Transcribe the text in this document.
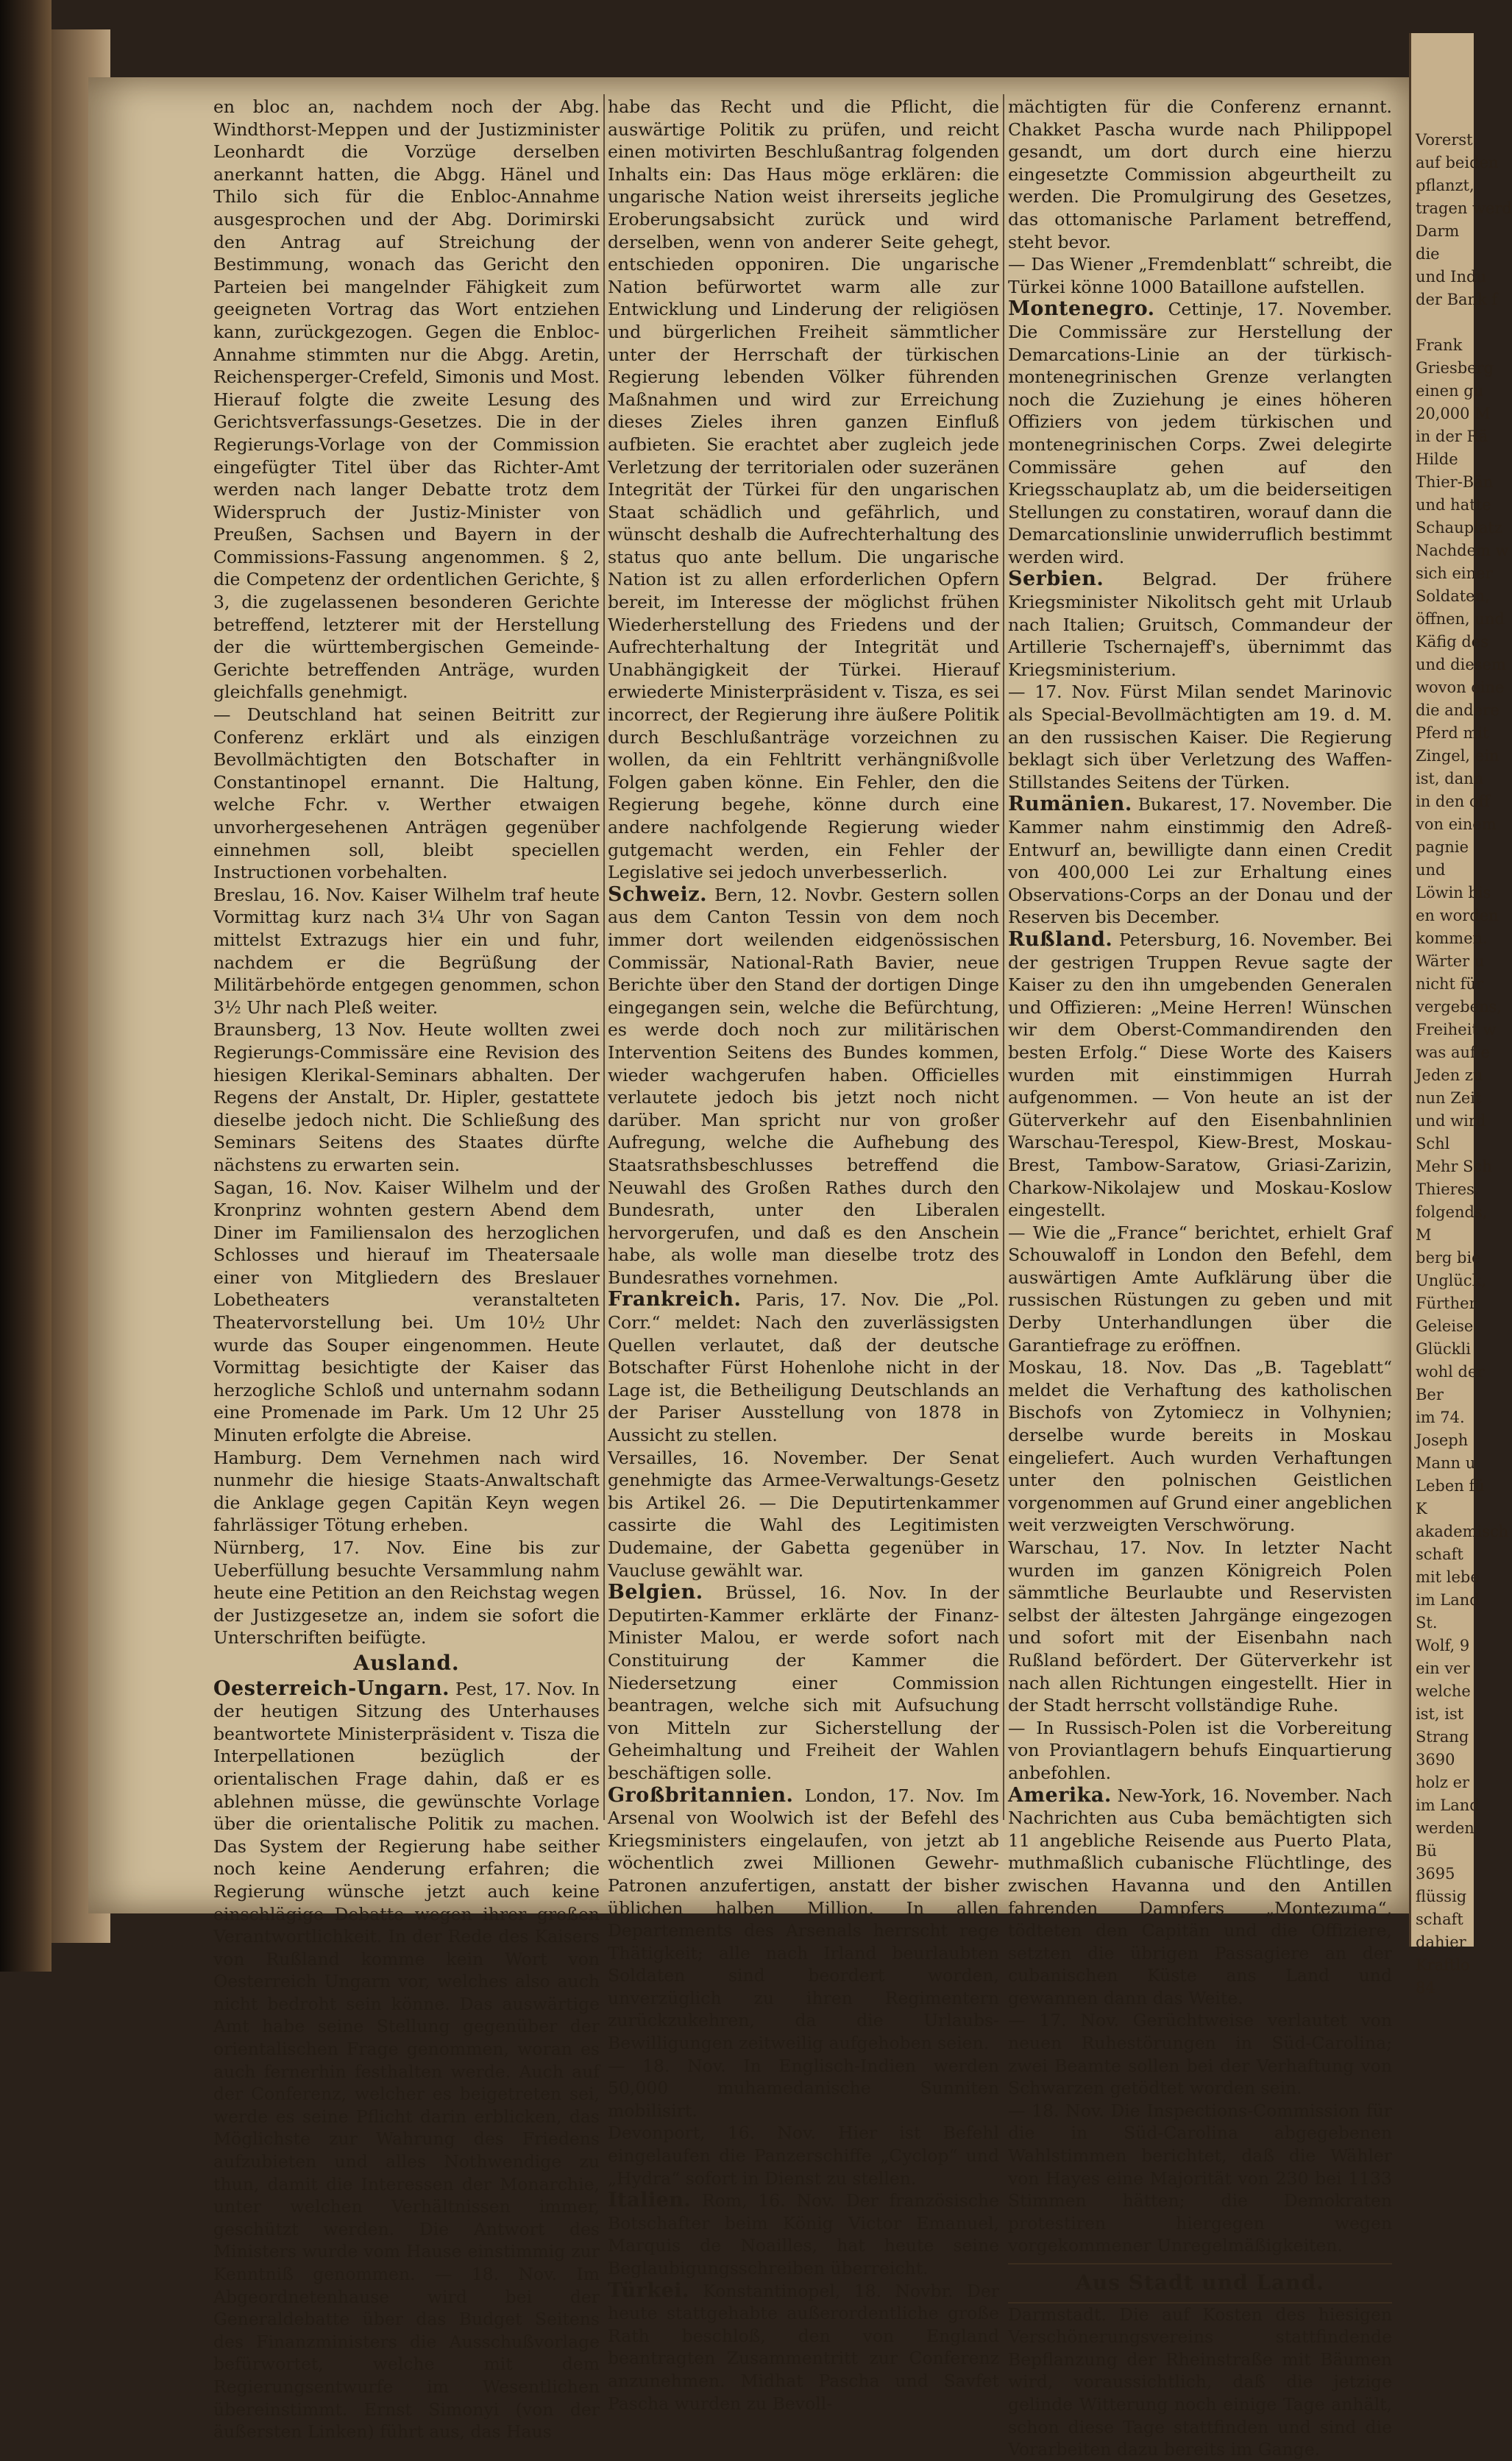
Vorerst
auf beiden
pflanzt,
tragen werd
Darm
die
und Indu
der Bank f

Frank
Griesberg
einen gu
20,000 M
in der Rä
Hilde
Thier-Bän
und hatte
Schauplatz
Nachdem w
sich einer
Soldaten,
öffnen, und
Käfig des
und diesem
wovon eine
die andere
Pferd mit
Zingel, ein
ist, dann
in den off
von einem
pagnie
und
Löwin bis
en worden
kommen.
Wärter u
nicht für
vergebens,
Freiheit w
was auf e
Jeden zu
nun Zeit
und wird
Schl
Mehr Sch
Thieres,
folgends,
M
berg bie
Unglück,
Fürther
Geleise
Glückli
wohl der
Ber
im 74.
Joseph
Mann u
Leben fü
K
akademisch
schaft
mit lebe
im Land
St.
Wolf, 9
ein ver
welche
ist, ist
Strang
3690
holz er
im Land
werden
Bü
3695
flüssig
schaft
dahier
Kraftlo
84

en bloc an, nachdem noch der Abg. Windthorst-Meppen und der Justizminister Leonhardt die Vorzüge derselben anerkannt hatten, die Abgg. Hänel und Thilo sich für die Enbloc-Annahme ausgesprochen und der Abg. Dorimirski den Antrag auf Streichung der Bestimmung, wonach das Gericht den Parteien bei mangelnder Fähigkeit zum geeigneten Vortrag das Wort entziehen kann, zurückgezogen. Gegen die Enbloc-Annahme stimmten nur die Abgg. Aretin, Reichensperger-Crefeld, Simonis und Most. Hierauf folgte die zweite Lesung des Gerichtsverfassungs-Gesetzes. Die in der Regierungs-Vorlage von der Commission eingefügter Titel über das Richter-Amt werden nach langer Debatte trotz dem Widerspruch der Justiz-Minister von Preußen, Sachsen und Bayern in der Commissions-Fassung angenommen. § 2, die Competenz der ordentlichen Gerichte, § 3, die zugelassenen besonderen Gerichte betreffend, letzterer mit der Herstellung der die württembergischen Gemeinde-Gerichte betreffenden Anträge, wurden gleichfalls genehmigt.

— Deutschland hat seinen Beitritt zur Conferenz erklärt und als einzigen Bevollmächtigten den Botschafter in Constantinopel ernannt. Die Haltung, welche Fchr. v. Werther etwaigen unvorhergesehenen Anträgen gegenüber einnehmen soll, bleibt speciellen Instructionen vorbehalten.

Breslau, 16. Nov. Kaiser Wilhelm traf heute Vormittag kurz nach 3¼ Uhr von Sagan mittelst Extrazugs hier ein und fuhr, nachdem er die Begrüßung der Militärbehörde entgegen genommen, schon 3½ Uhr nach Pleß weiter.

Braunsberg, 13 Nov. Heute wollten zwei Regierungs-Commissäre eine Revision des hiesigen Klerikal-Seminars abhalten. Der Regens der Anstalt, Dr. Hipler, gestattete dieselbe jedoch nicht. Die Schließung des Seminars Seitens des Staates dürfte nächstens zu erwarten sein.

Sagan, 16. Nov. Kaiser Wilhelm und der Kronprinz wohnten gestern Abend dem Diner im Familiensalon des herzoglichen Schlosses und hierauf im Theatersaale einer von Mitgliedern des Breslauer Lobetheaters veranstalteten Theatervorstellung bei. Um 10½ Uhr wurde das Souper eingenommen. Heute Vormittag besichtigte der Kaiser das herzogliche Schloß und unternahm sodann eine Promenade im Park. Um 12 Uhr 25 Minuten erfolgte die Abreise.

Hamburg. Dem Vernehmen nach wird nunmehr die hiesige Staats-Anwaltschaft die Anklage gegen Capitän Keyn wegen fahrlässiger Tötung erheben.

Nürnberg, 17. Nov. Eine bis zur Ueberfüllung besuchte Versammlung nahm heute eine Petition an den Reichstag wegen der Justizgesetze an, indem sie sofort die Unterschriften beifügte.

Ausland.

Oesterreich-Ungarn. Pest, 17. Nov. In der heutigen Sitzung des Unterhauses beantwortete Ministerpräsident v. Tisza die Interpellationen bezüglich der orientalischen Frage dahin, daß er es ablehnen müsse, die gewünschte Vorlage über die orientalische Politik zu machen. Das System der Regierung habe seither noch keine Aenderung erfahren; die Regierung wünsche jetzt auch keine einschlägige Debatte wegen ihrer großen Verantwortlichkeit. In der Rede des Kaisers von Rußland komme kein Wort von Oesterreich Ungarn vor, welches also auch nicht bedroht sein könne. Das auswärtige Amt habe seine Stellung gegenüber der orientalischen Frage genommen, woran es auch fernerhin festhalten werde. Auch auf der Conferenz, welcher es beigetreten sei, werde es seine Pflicht darin erblicken, das Möglichste zur Wahrung des Friedens aufzubieten und alles Nothwendige zu thun, damit die Interessen der Monarchie, unter welchen Verhältnissen immer, geschützt werden. Die Antwort des Ministers wurde vom Hause einstimmig zur Kenntniß genommen. — 18. Nov. Im Abgeordnetenhause wird bei der Generaldebatte über das Budget Seitens des Finanzministers die Ausschußvorlage befürwortet, welche mit dem Regierungsentwurfe im Wesentlichen übereinstimmt. Ernst Simonyi (von der äußersten Linken) führt aus, das Haus

habe das Recht und die Pflicht, die auswärtige Politik zu prüfen, und reicht einen motivirten Beschlußantrag folgenden Inhalts ein: Das Haus möge erklären: die ungarische Nation weist ihrerseits jegliche Eroberungsabsicht zurück und wird derselben, wenn von anderer Seite gehegt, entschieden opponiren. Die ungarische Nation befürwortet warm alle zur Entwicklung und Linderung der religiösen und bürgerlichen Freiheit sämmtlicher unter der Herrschaft der türkischen Regierung lebenden Völker führenden Maßnahmen und wird zur Erreichung dieses Zieles ihren ganzen Einfluß aufbieten. Sie erachtet aber zugleich jede Verletzung der territorialen oder suzeränen Integrität der Türkei für den ungarischen Staat schädlich und gefährlich, und wünscht deshalb die Aufrechterhaltung des status quo ante bellum. Die ungarische Nation ist zu allen erforderlichen Opfern bereit, im Interesse der möglichst frühen Wiederherstellung des Friedens und der Aufrechterhaltung der Integrität und Unabhängigkeit der Türkei. Hierauf erwiederte Ministerpräsident v. Tisza, es sei incorrect, der Regierung ihre äußere Politik durch Beschlußanträge vorzeichnen zu wollen, da ein Fehltritt verhängnißvolle Folgen gaben könne. Ein Fehler, den die Regierung begehe, könne durch eine andere nachfolgende Regierung wieder gutgemacht werden, ein Fehler der Legislative sei jedoch unverbesserlich.

Schweiz. Bern, 12. Novbr. Gestern sollen aus dem Canton Tessin von dem noch immer dort weilenden eidgenössischen Commissär, National-Rath Bavier, neue Berichte über den Stand der dortigen Dinge eingegangen sein, welche die Befürchtung, es werde doch noch zur militärischen Intervention Seitens des Bundes kommen, wieder wachgerufen haben. Officielles verlautete jedoch bis jetzt noch nicht darüber. Man spricht nur von großer Aufregung, welche die Aufhebung des Staatsrathsbeschlusses betreffend die Neuwahl des Großen Rathes durch den Bundesrath, unter den Liberalen hervorgerufen, und daß es den Anschein habe, als wolle man dieselbe trotz des Bundesrathes vornehmen.

Frankreich. Paris, 17. Nov. Die „Pol. Corr.“ meldet: Nach den zuverlässigsten Quellen verlautet, daß der deutsche Botschafter Fürst Hohenlohe nicht in der Lage ist, die Betheiligung Deutschlands an der Pariser Ausstellung von 1878 in Aussicht zu stellen.

Versailles, 16. November. Der Senat genehmigte das Armee-Verwaltungs-Gesetz bis Artikel 26. — Die Deputirtenkammer cassirte die Wahl des Legitimisten Dudemaine, der Gabetta gegenüber in Vaucluse gewählt war.

Belgien. Brüssel, 16. Nov. In der Deputirten-Kammer erklärte der Finanz-Minister Malou, er werde sofort nach Constituirung der Kammer die Niedersetzung einer Commission beantragen, welche sich mit Aufsuchung von Mitteln zur Sicherstellung der Geheimhaltung und Freiheit der Wahlen beschäftigen solle.

Großbritannien. London, 17. Nov. Im Arsenal von Woolwich ist der Befehl des Kriegsministers eingelaufen, von jetzt ab wöchentlich zwei Millionen Gewehr-Patronen anzufertigen, anstatt der bisher üblichen halben Million. In allen Departements des Arsenals herrscht rege Thätigkeit; alle nach Irland beurlaubten Soldaten sind beordert worden, unverzüglich zu ihren Regimentern zurückzukehren, da die Urlaubs-Bewilligungen zeitweilig aufgehoben seien.

— 18. Nov. In Englisch-Indien werden 50,000 muhamedanische Sunniten mobilisirt.

Devonport, 16. Nov. Hier ist Befehl eingelaufen die Panzerschiffe „Cyclop“ und „Hydra“ sofort in Dienst zu stellen.

Italien. Rom, 16. Nov. Der französische Botschafter beim König Victor Emanuel, Marquis de Noailles, hat heute seine Beglaubigungsschreiben überreicht.

Türkei. Konstantinopel, 18. Novbr. Der heute stattgehabte außerordentliche große Rath beschloß, den von England beantragten Zusammentritt zur Conferenz anzunehmen. Midhat Pascha und Savfet Pascha wurden zu Bevoll-

mächtigten für die Conferenz ernannt. Chakket Pascha wurde nach Philippopel gesandt, um dort durch eine hierzu eingesetzte Commission abgeurtheilt zu werden. Die Promulgirung des Gesetzes, das ottomanische Parlament betreffend, steht bevor.

— Das Wiener „Fremdenblatt“ schreibt, die Türkei könne 1000 Bataillone aufstellen.

Montenegro. Cettinje, 17. November. Die Commissäre zur Herstellung der Demarcations-Linie an der türkisch-montenegrinischen Grenze verlangten noch die Zuziehung je eines höheren Offiziers von jedem türkischen und montenegrinischen Corps. Zwei delegirte Commissäre gehen auf den Kriegsschauplatz ab, um die beiderseitigen Stellungen zu constatiren, worauf dann die Demarcationslinie unwiderruflich bestimmt werden wird.

Serbien. Belgrad. Der frühere Kriegsminister Nikolitsch geht mit Urlaub nach Italien; Gruitsch, Commandeur der Artillerie Tschernajeff's, übernimmt das Kriegsministerium.

— 17. Nov. Fürst Milan sendet Marinovic als Special-Bevollmächtigten am 19. d. M. an den russischen Kaiser. Die Regierung beklagt sich über Verletzung des Waffen-Stillstandes Seitens der Türken.

Rumänien. Bukarest, 17. November. Die Kammer nahm einstimmig den Adreß-Entwurf an, bewilligte dann einen Credit von 400,000 Lei zur Erhaltung eines Observations-Corps an der Donau und der Reserven bis December.

Rußland. Petersburg, 16. November. Bei der gestrigen Truppen Revue sagte der Kaiser zu den ihn umgebenden Generalen und Offizieren: „Meine Herren! Wünschen wir dem Oberst-Commandirenden den besten Erfolg.“ Diese Worte des Kaisers wurden mit einstimmigen Hurrah aufgenommen. — Von heute an ist der Güterverkehr auf den Eisenbahnlinien Warschau-Terespol, Kiew-Brest, Moskau-Brest, Tambow-Saratow, Griasi-Zarizin, Charkow-Nikolajew und Moskau-Koslow eingestellt.

— Wie die „France“ berichtet, erhielt Graf Schouwaloff in London den Befehl, dem auswärtigen Amte Aufklärung über die russischen Rüstungen zu geben und mit Derby Unterhandlungen über die Garantiefrage zu eröffnen.

Moskau, 18. Nov. Das „B. Tageblatt“ meldet die Verhaftung des katholischen Bischofs von Zytomiecz in Volhynien; derselbe wurde bereits in Moskau eingeliefert. Auch wurden Verhaftungen unter den polnischen Geistlichen vorgenommen auf Grund einer angeblichen weit verzweigten Verschwörung.

Warschau, 17. Nov. In letzter Nacht wurden im ganzen Königreich Polen sämmtliche Beurlaubte und Reservisten selbst der ältesten Jahrgänge eingezogen und sofort mit der Eisenbahn nach Rußland befördert. Der Güterverkehr ist nach allen Richtungen eingestellt. Hier in der Stadt herrscht vollständige Ruhe.

— In Russisch-Polen ist die Vorbereitung von Proviantlagern behufs Einquartierung anbefohlen.

Amerika. New-York, 16. November. Nach Nachrichten aus Cuba bemächtigten sich 11 angebliche Reisende aus Puerto Plata, muthmaßlich cubanische Flüchtlinge, des zwischen Havanna und den Antillen fahrenden Dampfers „Montezuma“, tödteten den Capitän und die Offiziere, setzten die übrigen Passagiere an der cubanischen Küste ans Land und gewannen dann das Weite.

— 17. Nov. Gerüchtweise verlautet von neuen Ruhestörungen in Süd-Carolina; zwei Beamte sollen bei der Verhaftung von Schwarzen getödtet worden sein.

— 18. Nov. Die Inspections-Commission für die in Süd-Carolina abgegebenen Wahlstimmen berichtet, daß die Wähler von Hayes eine Majorität von 230 bei 1133 Stimmen hätten; die Demokraten protestiren hiergegen wegen vorgekommener Unregelmäßigkeiten.

Aus Stadt und Land.

Darmstadt. Die auf Kosten des hiesigen Verschönerungsvereins stattfindende Bepflanzung der Rheinstraße mit Bäumen wird, voraussichtlich, daß die jetzige gelinde Witterung noch einige Tage anhält, schon diese Tage stattfinden und sind die Vorarbeiten dazu bereits im Gange.
